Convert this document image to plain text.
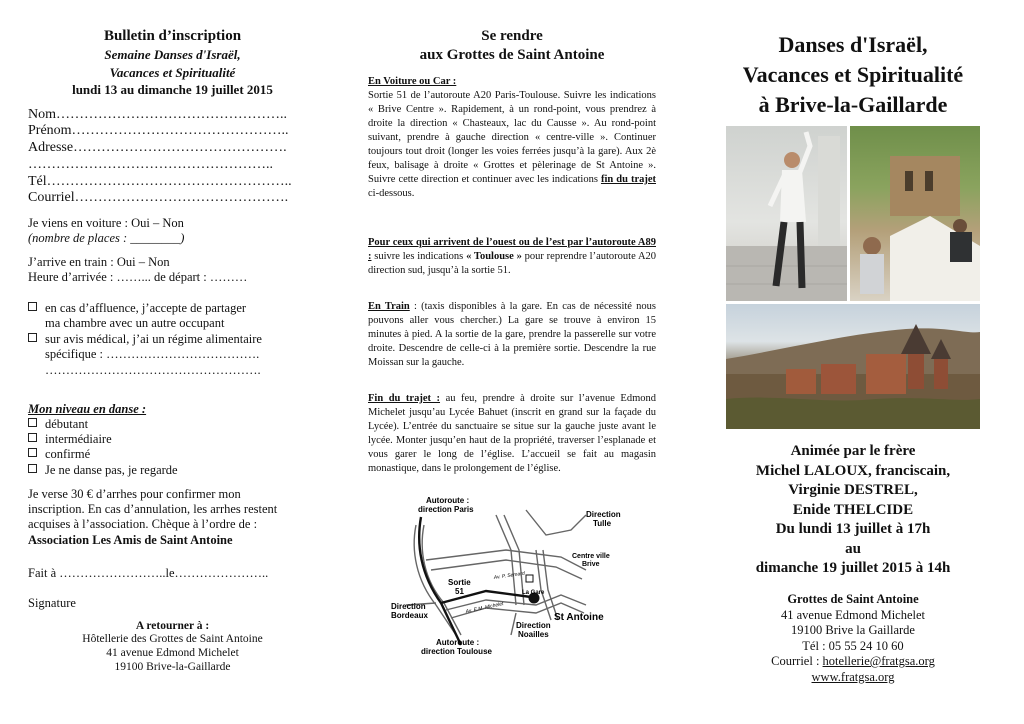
Bulletin d’inscription
Semaine Danses d'Israël,
Vacances et Spiritualité
lundi 13 au dimanche 19 juillet 2015
Nom…………………………………………..
Prénom………………………………………..
Adresse……………………………………….
……………………………………………..
Tél……………………………………………..
Courriel……………………………………….
Je viens en voiture : Oui – Non
(nombre de places : ________)
J’arrive en train : Oui – Non
Heure d’arrivée : ……... de départ : ………
en cas d’affluence, j’accepte de partager
ma chambre avec un autre occupant
sur avis médical, j’ai un régime alimentaire
spécifique : ……………………………….
…………………………………………….
Mon niveau en danse :
débutant
intermédiaire
confirmé
Je ne danse pas, je regarde
Je verse 30 € d’arrhes pour confirmer mon
inscription. En cas d’annulation, les arrhes restent
acquises à l’association. Chèque à l’ordre de :
Association Les Amis de Saint Antoine
Fait à ……………………..le…………………..
Signature
A retourner à :
Hôtellerie des Grottes de Saint Antoine
41 avenue Edmond Michelet
19100 Brive-la-Gaillarde
Se rendre
aux Grottes de Saint Antoine
En Voiture ou Car :
Sortie 51 de l’autoroute A20 Paris-Toulouse. Suivre les indications « Brive Centre ». Rapidement, à un rond-point, vous prendrez à droite la direction « Chasteaux, lac du Causse ». Au rond-point suivant, prendre à gauche direction « centre-ville ». Continuer toujours tout droit (longer les voies ferrées jusqu’à la gare). Aux 2è feux, balisage à droite « Grottes et pèlerinage de St Antoine ». Suivre cette direction et continuer avec les indications fin du trajet ci-dessous.
Pour ceux qui arrivent de l’ouest ou de l’est par l’autoroute A89 : suivre les indications « Toulouse » pour reprendre l’autoroute A20 direction sud, jusqu’à la sortie 51.
En Train : (taxis disponibles à la gare. En cas de nécessité nous pouvons aller vous chercher.) La gare se trouve à environ 15 minutes à pied. A la sortie de la gare, prendre la passerelle sur votre droite. Descendre de celle-ci à la première sortie. Descendre la rue Moissan sur la gauche.
Fin du trajet : au feu, prendre à droite sur l’avenue Edmond Michelet jusqu’au Lycée Bahuet (inscrit en grand sur la façade du Lycée). L’entrée du sanctuaire se situe sur la gauche juste avant le lycée. Monter jusqu’en haut de la propriété, traverser l’esplanade et vous garer le long de l’église. L’accueil se fait au magasin monastique, dans le prolongement de l’église.
Autoroute :
direction Paris
Direction
Tulle
Centre ville
Brive
Sortie
51
Direction
Bordeaux
La Gare
St Antoine
Direction
Noailles
Autoroute :
direction Toulouse
Av. P. Semard
Av. E.M. Michelet
Danses d'Israël,
Vacances et Spiritualité
à Brive-la-Gaillarde
Animée par le frère
Michel LALOUX, franciscain,
Virginie DESTREL,
Enide THELCIDE
Du lundi 13 juillet à 17h
au
dimanche 19 juillet 2015 à 14h
Grottes de Saint Antoine
41 avenue Edmond Michelet
19100 Brive la Gaillarde
Tél : 05 55 24 10 60
Courriel : hotellerie@fratgsa.org
www.fratgsa.org
